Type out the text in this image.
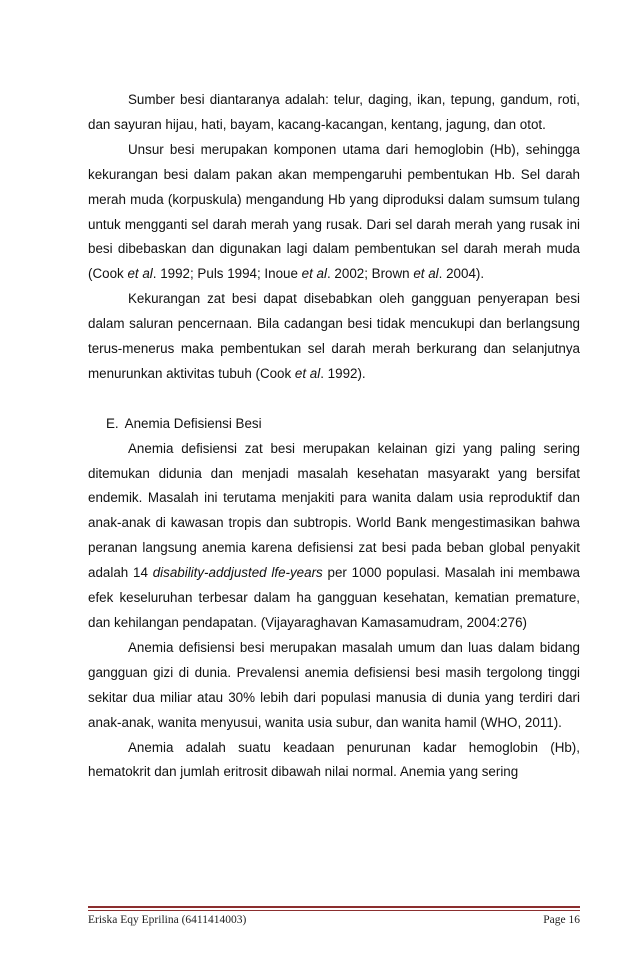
Sumber besi diantaranya adalah: telur, daging, ikan, tepung, gandum, roti, dan sayuran hijau, hati, bayam, kacang-kacangan, kentang, jagung, dan otot.

Unsur besi merupakan komponen utama dari hemoglobin (Hb), sehingga kekurangan besi dalam pakan akan mempengaruhi pembentukan Hb. Sel darah merah muda (korpuskula) mengandung Hb yang diproduksi dalam sumsum tulang untuk mengganti sel darah merah yang rusak. Dari sel darah merah yang rusak ini besi dibebaskan dan digunakan lagi dalam pembentukan sel darah merah muda (Cook et al. 1992; Puls 1994; Inoue et al. 2002; Brown et al. 2004).

Kekurangan zat besi dapat disebabkan oleh gangguan penyerapan besi dalam saluran pencernaan. Bila cadangan besi tidak mencukupi dan berlangsung terus-menerus maka pembentukan sel darah merah berkurang dan selanjutnya menurunkan aktivitas tubuh (Cook et al. 1992).

E. Anemia Defisiensi Besi

Anemia defisiensi zat besi merupakan kelainan gizi yang paling sering ditemukan didunia dan menjadi masalah kesehatan masyarakt yang bersifat endemik. Masalah ini terutama menjakiti para wanita dalam usia reproduktif dan anak-anak di kawasan tropis dan subtropis. World Bank mengestimasikan bahwa peranan langsung anemia karena defisiensi zat besi pada beban global penyakit adalah 14 disability-addjusted lfe-years per 1000 populasi. Masalah ini membawa efek keseluruhan terbesar dalam ha gangguan kesehatan, kematian premature, dan kehilangan pendapatan. (Vijayaraghavan Kamasamudram, 2004:276)

Anemia defisiensi besi merupakan masalah umum dan luas dalam bidang gangguan gizi di dunia. Prevalensi anemia defisiensi besi masih tergolong tinggi sekitar dua miliar atau 30% lebih dari populasi manusia di dunia yang terdiri dari anak-anak, wanita menyusui, wanita usia subur, dan wanita hamil (WHO, 2011).

Anemia adalah suatu keadaan penurunan kadar hemoglobin (Hb), hematokrit dan jumlah eritrosit dibawah nilai normal. Anemia yang sering

Eriska Eqy Eprilina (6411414003)	Page 16
